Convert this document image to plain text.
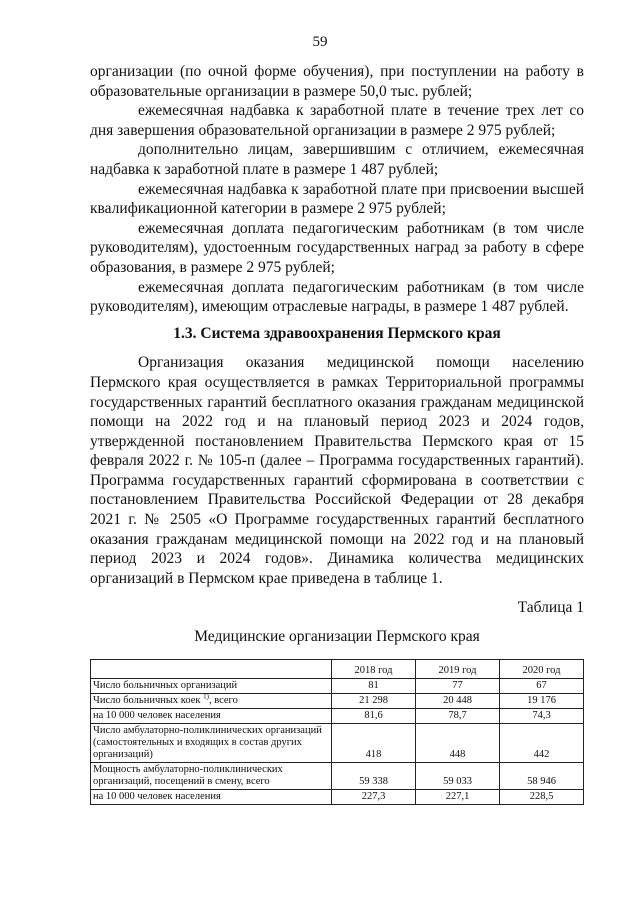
59

организации (по очной форме обучения), при поступлении на работу в образовательные организации в размере 50,0 тыс. рублей;

ежемесячная надбавка к заработной плате в течение трех лет со дня завершения образовательной организации в размере 2 975 рублей;

дополнительно лицам, завершившим с отличием, ежемесячная надбавка к заработной плате в размере 1 487 рублей;

ежемесячная надбавка к заработной плате при присвоении высшей квалификационной категории в размере 2 975 рублей;

ежемесячная доплата педагогическим работникам (в том числе руководителям), удостоенным государственных наград за работу в сфере образования, в размере 2 975 рублей;

ежемесячная доплата педагогическим работникам (в том числе руководителям), имеющим отраслевые награды, в размере 1 487 рублей.

1.3. Система здравоохранения Пермского края

Организация оказания медицинской помощи населению Пермского края осуществляется в рамках Территориальной программы государственных гарантий бесплатного оказания гражданам медицинской помощи на 2022 год и на плановый период 2023 и 2024 годов, утвержденной постановлением Правительства Пермского края от 15 февраля 2022 г. № 105-п (далее – Программа государственных гарантий). Программа государственных гарантий сформирована в соответствии с постановлением Правительства Российской Федерации от 28 декабря 2021 г. № 2505 «О Программе государственных гарантий бесплатного оказания гражданам медицинской помощи на 2022 год и на плановый период 2023 и 2024 годов». Динамика количества медицинских организаций в Пермском крае приведена в таблице 1.

Таблица 1

Медицинские организации Пермского края

	2018 год	2019 год	2020 год
Число больничных организаций	81	77	67
Число больничных коек $^{1)}$, всего	21 298	20 448	19 176
на 10 000 человек населения	81,6	78,7	74,3
Число амбулаторно-поликлинических организаций (самостоятельных и входящих в состав других организаций)	418	448	442
Мощность амбулаторно-поликлинических организаций, посещений в смену, всего	59 338	59 033	58 946
на 10 000 человек населения	227,3	227,1	228,5
